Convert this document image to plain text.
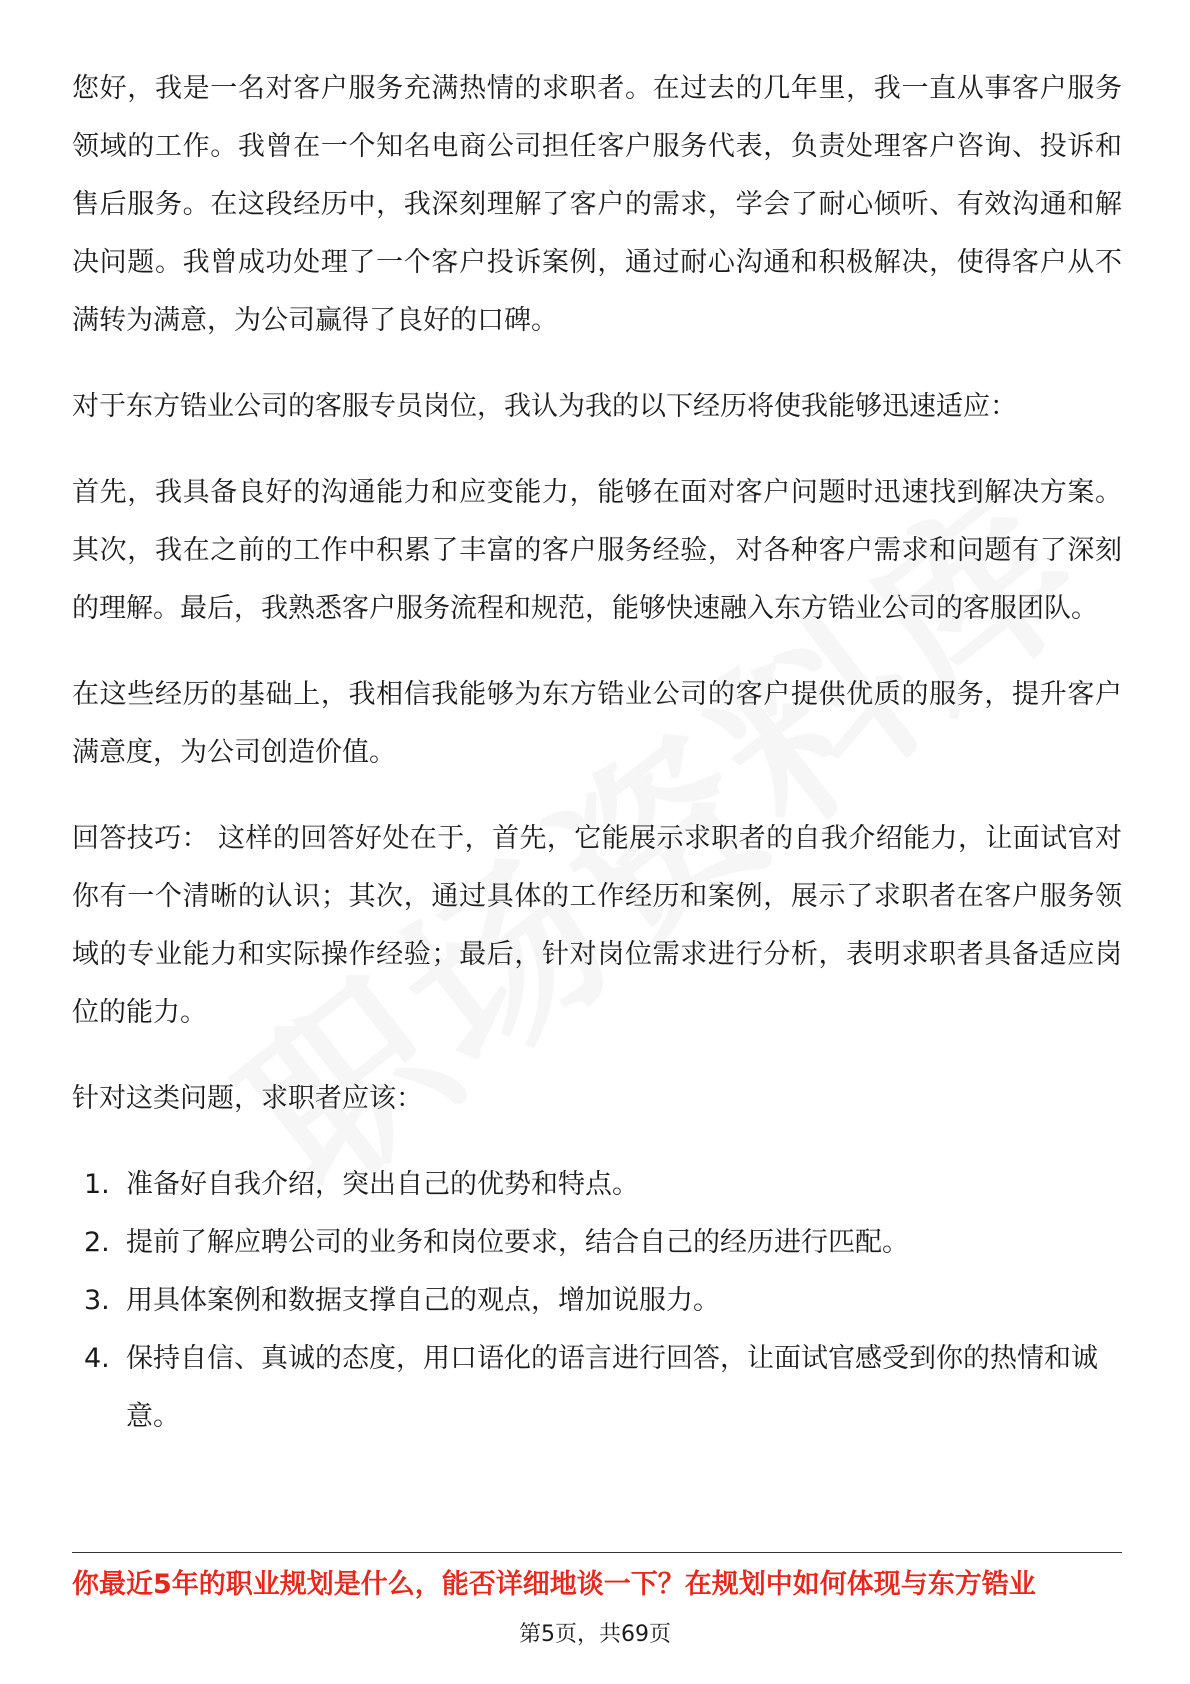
您好，我是一名对客户服务充满热情的求职者。在过去的几年里，我一直从事客户服务领域的工作。我曾在一个知名电商公司担任客户服务代表，负责处理客户咨询、投诉和售后服务。在这段经历中，我深刻理解了客户的需求，学会了耐心倾听、有效沟通和解决问题。我曾成功处理了一个客户投诉案例，通过耐心沟通和积极解决，使得客户从不满转为满意，为公司赢得了良好的口碑。

对于东方锆业公司的客服专员岗位，我认为我的以下经历将使我能够迅速适应：

首先，我具备良好的沟通能力和应变能力，能够在面对客户问题时迅速找到解决方案。其次，我在之前的工作中积累了丰富的客户服务经验，对各种客户需求和问题有了深刻的理解。最后，我熟悉客户服务流程和规范，能够快速融入东方锆业公司的客服团队。

在这些经历的基础上，我相信我能够为东方锆业公司的客户提供优质的服务，提升客户满意度，为公司创造价值。

回答技巧： 这样的回答好处在于，首先，它能展示求职者的自我介绍能力，让面试官对你有一个清晰的认识；其次，通过具体的工作经历和案例，展示了求职者在客户服务领域的专业能力和实际操作经验；最后，针对岗位需求进行分析，表明求职者具备适应岗位的能力。

针对这类问题，求职者应该：

1. 准备好自我介绍，突出自己的优势和特点。
2. 提前了解应聘公司的业务和岗位要求，结合自己的经历进行匹配。
3. 用具体案例和数据支撑自己的观点，增加说服力。
4. 保持自信、真诚的态度，用口语化的语言进行回答，让面试官感受到你的热情和诚意。
你最近5年的职业规划是什么，能否详细地谈一下？在规划中如何体现与东方锆业
第5页，共69页
